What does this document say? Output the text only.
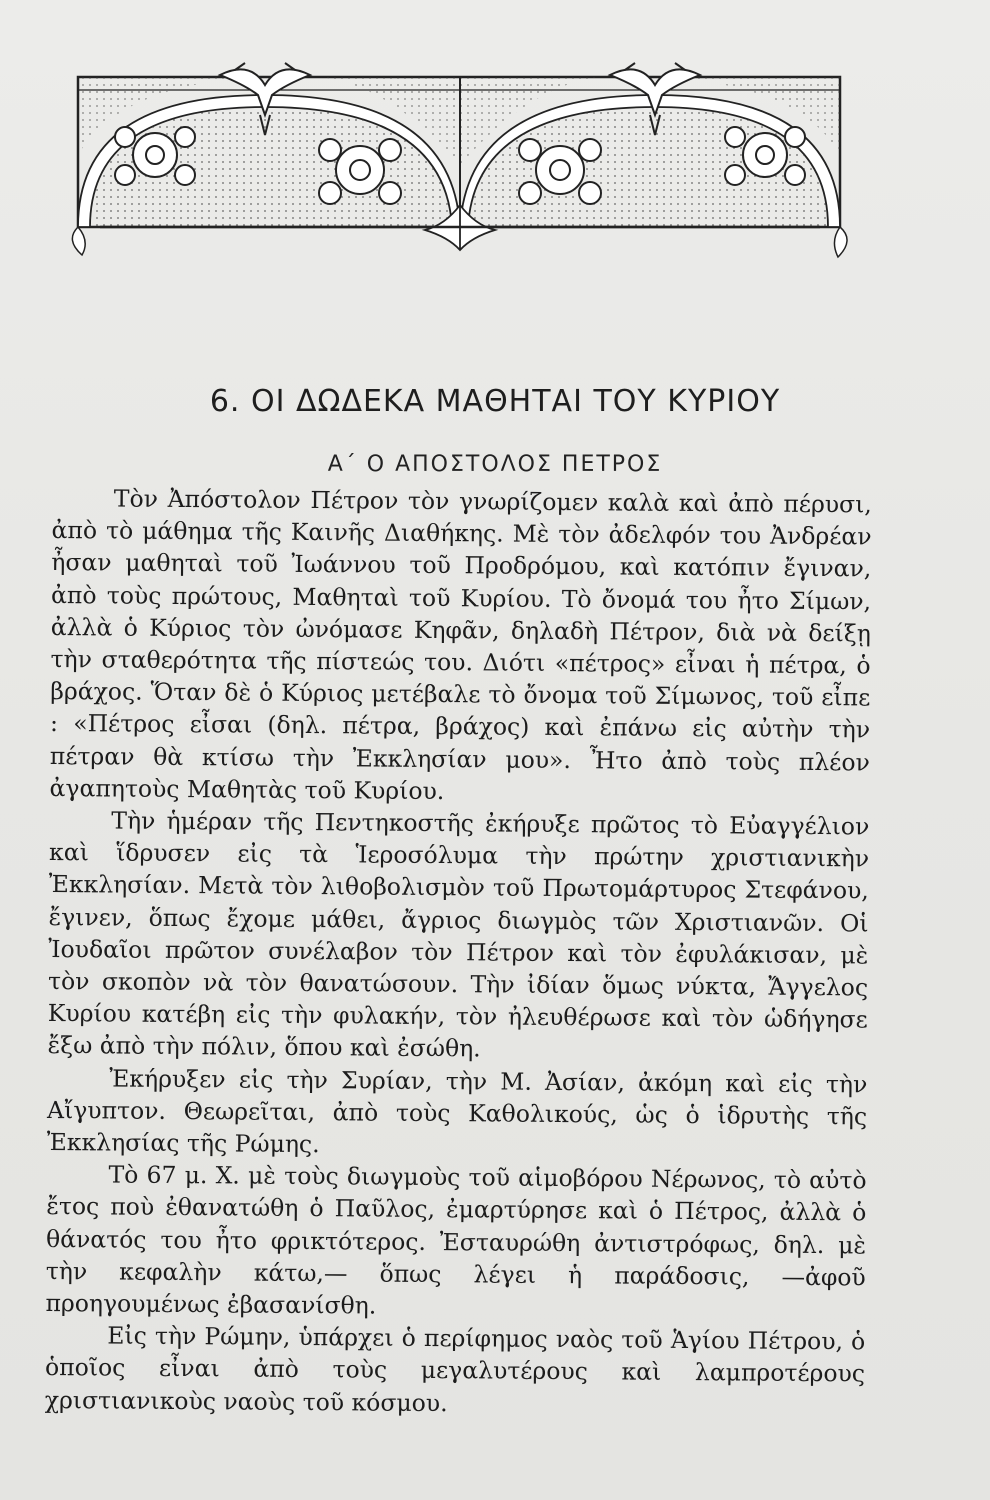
6. ΟΙ ΔΩΔΕΚΑ ΜΑΘΗΤΑΙ ΤΟΥ ΚΥΡΙΟΥ
Α΄ Ο ΑΠΟΣΤΟΛΟΣ ΠΕΤΡΟΣ

Τὸν Ἀπόστολον Πέτρον τὸν γνωρίζομεν καλὰ καὶ ἀπὸ πέρυσι, ἀπὸ τὸ μάθημα τῆς Καινῆς Διαθήκης. Μὲ τὸν ἀδελφόν του Ἀνδρέαν ἦσαν μαθηταὶ τοῦ Ἰωάννου τοῦ Προδρόμου, καὶ κατόπιν ἔγιναν, ἀπὸ τοὺς πρώτους, Μαθηταὶ τοῦ Κυρίου. Τὸ ὄνομά του ἦτο Σίμων, ἀλλὰ ὁ Κύριος τὸν ὠνόμασε Κηφᾶν, δηλαδὴ Πέτρον, διὰ νὰ δείξῃ τὴν σταθερότητα τῆς πίστεώς του. Διότι «πέτρος» εἶναι ἡ πέτρα, ὁ βράχος. Ὅταν δὲ ὁ Κύριος μετέβαλε τὸ ὄνομα τοῦ Σίμωνος, τοῦ εἶπε : «Πέτρος εἶσαι (δηλ. πέτρα, βράχος) καὶ ἐπάνω εἰς αὐτὴν τὴν πέτραν θὰ κτίσω τὴν Ἐκκλησίαν μου». Ἦτο ἀπὸ τοὺς πλέον ἀγαπητοὺς Μαθητὰς τοῦ Κυρίου.

Τὴν ἡμέραν τῆς Πεντηκοστῆς ἐκήρυξε πρῶτος τὸ Εὐαγγέλιον καὶ ἵδρυσεν εἰς τὰ Ἱεροσόλυμα τὴν πρώτην χριστιανικὴν Ἐκκλησίαν. Μετὰ τὸν λιθοβολισμὸν τοῦ Πρωτομάρτυρος Στεφάνου, ἔγινεν, ὅπως ἔχομε μάθει, ἄγριος διωγμὸς τῶν Χριστιανῶν. Οἱ Ἰουδαῖοι πρῶτον συνέλαβον τὸν Πέτρον καὶ τὸν ἐφυλάκισαν, μὲ τὸν σκοπὸν νὰ τὸν θανατώσουν. Τὴν ἰδίαν ὅμως νύκτα, Ἄγγελος Κυρίου κατέβη εἰς τὴν φυλακήν, τὸν ἠλευθέρωσε καὶ τὸν ὡδήγησε ἔξω ἀπὸ τὴν πόλιν, ὅπου καὶ ἐσώθη.

Ἐκήρυξεν εἰς τὴν Συρίαν, τὴν Μ. Ἀσίαν, ἀκόμη καὶ εἰς τὴν Αἴγυπτον. Θεωρεῖται, ἀπὸ τοὺς Καθολικούς, ὡς ὁ ἱδρυτὴς τῆς Ἐκκλησίας τῆς Ρώμης.

Τὸ 67 μ. Χ. μὲ τοὺς διωγμοὺς τοῦ αἱμοβόρου Νέρωνος, τὸ αὐτὸ ἔτος ποὺ ἐθανατώθη ὁ Παῦλος, ἐμαρτύρησε καὶ ὁ Πέτρος, ἀλλὰ ὁ θάνατός του ἦτο φρικτότερος. Ἐσταυρώθη ἀντιστρόφως, δηλ. μὲ τὴν κεφαλὴν κάτω,— ὅπως λέγει ἡ παράδοσις, —ἀφοῦ προηγουμένως ἐβασανίσθη.

Εἰς τὴν Ρώμην, ὑπάρχει ὁ περίφημος ναὸς τοῦ Ἁγίου Πέτρου, ὁ ὁποῖος εἶναι ἀπὸ τοὺς μεγαλυτέρους καὶ λαμπροτέρους χριστιανικοὺς ναοὺς τοῦ κόσμου.
